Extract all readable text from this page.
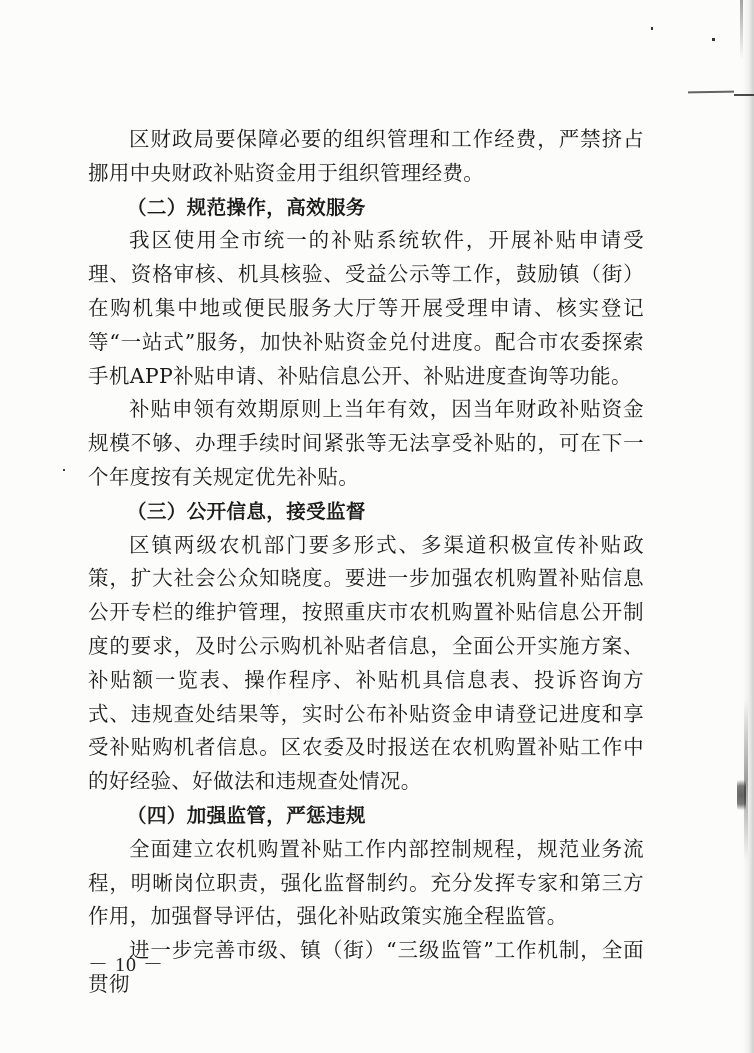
区财政局要保障必要的组织管理和工作经费，严禁挤占挪用中央财政补贴资金用于组织管理经费。

（二）规范操作，高效服务

我区使用全市统一的补贴系统软件，开展补贴申请受理、资格审核、机具核验、受益公示等工作，鼓励镇（街）在购机集中地或便民服务大厅等开展受理申请、核实登记等“一站式”服务，加快补贴资金兑付进度。配合市农委探索手机APP补贴申请、补贴信息公开、补贴进度查询等功能。

补贴申领有效期原则上当年有效，因当年财政补贴资金规模不够、办理手续时间紧张等无法享受补贴的，可在下一个年度按有关规定优先补贴。

（三）公开信息，接受监督

区镇两级农机部门要多形式、多渠道积极宣传补贴政策，扩大社会公众知晓度。要进一步加强农机购置补贴信息公开专栏的维护管理，按照重庆市农机购置补贴信息公开制度的要求，及时公示购机补贴者信息，全面公开实施方案、补贴额一览表、操作程序、补贴机具信息表、投诉咨询方式、违规查处结果等，实时公布补贴资金申请登记进度和享受补贴购机者信息。区农委及时报送在农机购置补贴工作中的好经验、好做法和违规查处情况。

（四）加强监管，严惩违规

全面建立农机购置补贴工作内部控制规程，规范业务流程，明晰岗位职责，强化监督制约。充分发挥专家和第三方作用，加强督导评估，强化补贴政策实施全程监管。

进一步完善市级、镇（街）“三级监管”工作机制，全面贯彻

－ 10 －
